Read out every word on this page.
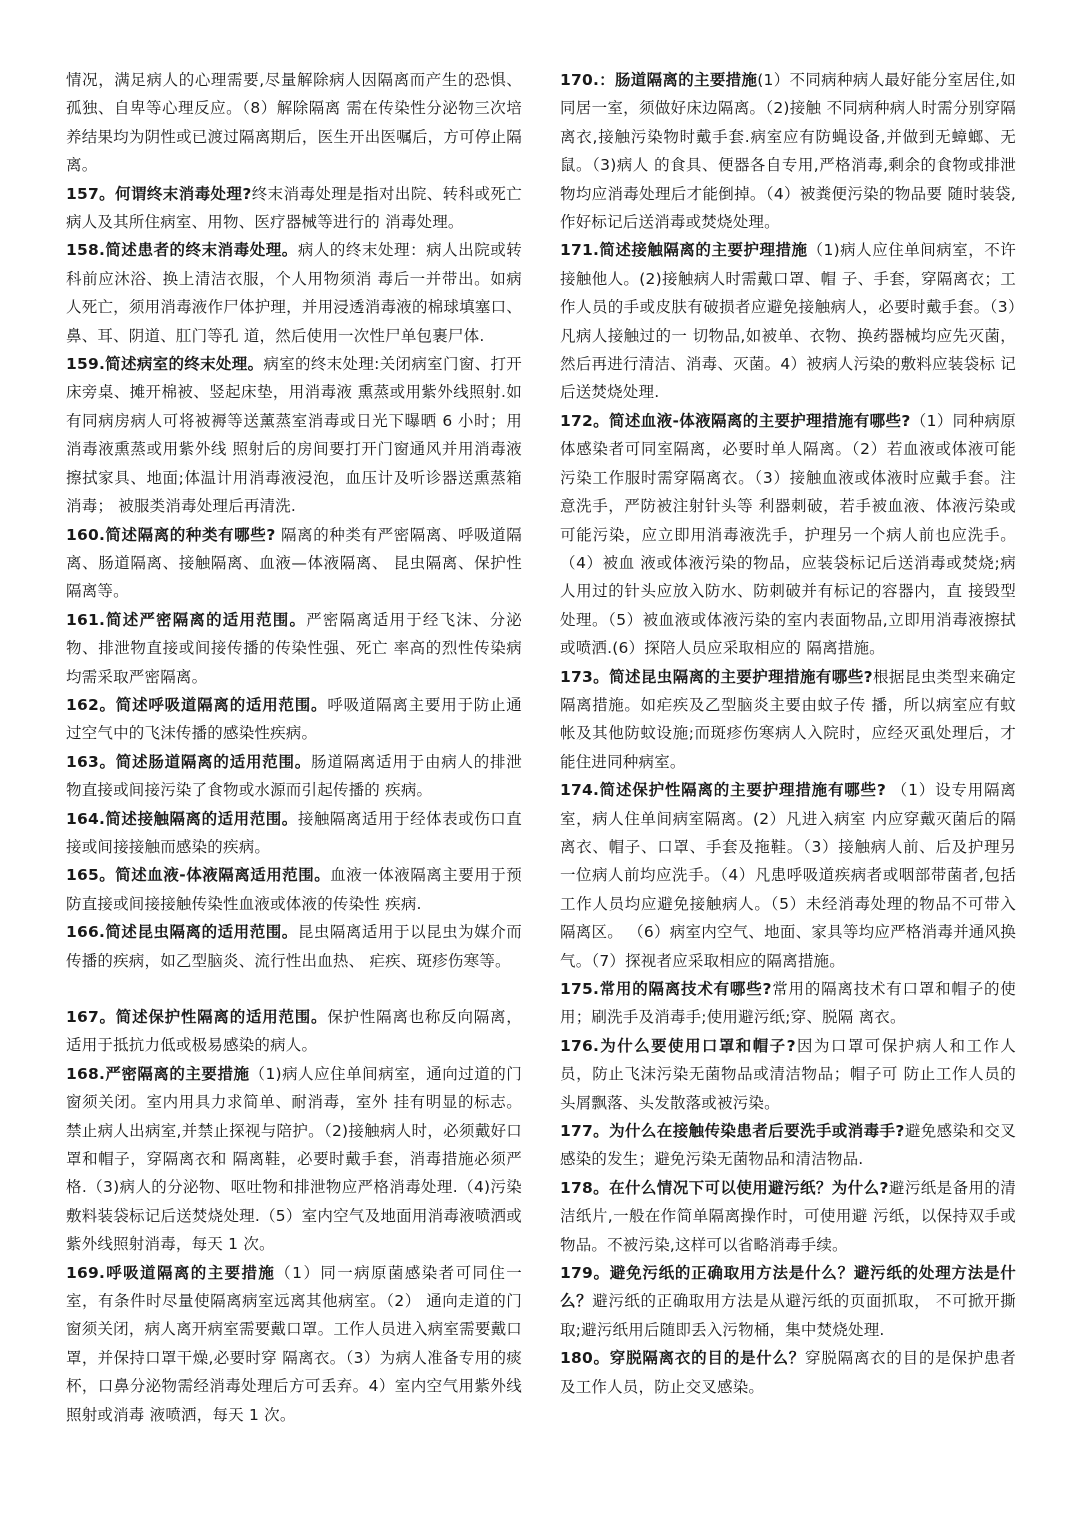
情况，满足病人的心理需要,尽量解除病人因隔离而产生的恐惧、孤独、自卑等心理反应。（8）解除隔离 需在传染性分泌物三次培养结果均为阴性或已渡过隔离期后，医生开出医嘱后，方可停止隔离。

157。何谓终末消毒处理?终末消毒处理是指对出院、转科或死亡病人及其所住病室、用物、医疗器械等进行的 消毒处理。

158.简述患者的终末消毒处理。病人的终末处理：病人出院或转科前应沐浴、换上清洁衣服，个人用物须消 毒后一并带出。如病人死亡，须用消毒液作尸体护理，并用浸透消毒液的棉球填塞口、鼻、耳、阴道、肛门等孔 道，然后使用一次性尸单包裹尸体.

159.简述病室的终末处理。病室的终末处理:关闭病室门窗、打开床旁桌、摊开棉被、竖起床垫，用消毒液 熏蒸或用紫外线照射.如有同病房病人可将被褥等送薰蒸室消毒或日光下曝晒 6 小时；用消毒液熏蒸或用紫外线 照射后的房间要打开门窗通风并用消毒液擦拭家具、地面;体温计用消毒液浸泡，血压计及听诊器送熏蒸箱消毒； 被服类消毒处理后再清洗.

160.简述隔离的种类有哪些? 隔离的种类有严密隔离、呼吸道隔离、肠道隔离、接触隔离、血液—体液隔离、 昆虫隔离、保护性隔离等。

161.简述严密隔离的适用范围。严密隔离适用于经飞沫、分泌物、排泄物直接或间接传播的传染性强、死亡 率高的烈性传染病均需采取严密隔离。

162。简述呼吸道隔离的适用范围。呼吸道隔离主要用于防止通过空气中的飞沫传播的感染性疾病。

163。简述肠道隔离的适用范围。肠道隔离适用于由病人的排泄物直接或间接污染了食物或水源而引起传播的 疾病。

164.简述接触隔离的适用范围。接触隔离适用于经体表或伤口直接或间接接触而感染的疾病。

165。简述血液-体液隔离适用范围。血液一体液隔离主要用于预防直接或间接接触传染性血液或体液的传染性 疾病.

166.简述昆虫隔离的适用范围。昆虫隔离适用于以昆虫为媒介而传播的疾病，如乙型脑炎、流行性出血热、 疟疾、斑疹伤寒等。

167。简述保护性隔离的适用范围。保护性隔离也称反向隔离，适用于抵抗力低或极易感染的病人。

168.严密隔离的主要措施（1)病人应住单间病室，通向过道的门窗须关闭。室内用具力求简单、耐消毒，室外 挂有明显的标志。禁止病人出病室,并禁止探视与陪护。（2)接触病人时，必须戴好口罩和帽子，穿隔离衣和 隔离鞋，必要时戴手套，消毒措施必须严格.（3)病人的分泌物、呕吐物和排泄物应严格消毒处理.（4)污染 敷料装袋标记后送焚烧处理.（5）室内空气及地面用消毒液喷洒或紫外线照射消毒，每天 1 次。

169.呼吸道隔离的主要措施（1）同一病原菌感染者可同住一室，有条件时尽量使隔离病室远离其他病室。（2） 通向走道的门窗须关闭，病人离开病室需要戴口罩。工作人员进入病室需要戴口罩，并保持口罩干燥,必要时穿 隔离衣。（3）为病人准备专用的痰杯，口鼻分泌物需经消毒处理后方可丢弃。4）室内空气用紫外线照射或消毒 液喷洒，每天 1 次。

170.：肠道隔离的主要措施(1）不同病种病人最好能分室居住,如同居一室，须做好床边隔离。（2)接触 不同病种病人时需分别穿隔离衣,接触污染物时戴手套.病室应有防蝇设备,并做到无蟑螂、无鼠。（3)病人 的食具、便器各自专用,严格消毒,剩余的食物或排泄物均应消毒处理后才能倒掉。（4）被粪便污染的物品要 随时装袋,作好标记后送消毒或焚烧处理。

171.简述接触隔离的主要护理措施（1)病人应住单间病室，不许接触他人。(2)接触病人时需戴口罩、帽 子、手套，穿隔离衣；工作人员的手或皮肤有破损者应避免接触病人，必要时戴手套。（3）凡病人接触过的一 切物品,如被单、衣物、换药器械均应先灭菌，然后再进行清洁、消毒、灭菌。4）被病人污染的敷料应装袋标 记后送焚烧处理.

172。简述血液-体液隔离的主要护理措施有哪些?（1）同种病原体感染者可同室隔离，必要时单人隔离。（2）若血液或体液可能污染工作服时需穿隔离衣。（3）接触血液或体液时应戴手套。注意洗手，严防被注射针头等 利器刺破，若手被血液、体液污染或可能污染，应立即用消毒液洗手，护理另一个病人前也应洗手。（4）被血 液或体液污染的物品，应装袋标记后送消毒或焚烧;病人用过的针头应放入防水、防刺破并有标记的容器内，直 接毁型处理。（5）被血液或体液污染的室内表面物品,立即用消毒液擦拭或喷洒.(6）探陪人员应采取相应的 隔离措施。

173。简述昆虫隔离的主要护理措施有哪些?根据昆虫类型来确定隔离措施。如疟疾及乙型脑炎主要由蚊子传 播，所以病室应有蚊帐及其他防蚊设施;而斑疹伤寒病人入院时，应经灭虱处理后，才能住进同种病室。

174.简述保护性隔离的主要护理措施有哪些? （1）设专用隔离室，病人住单间病室隔离。(2）凡进入病室 内应穿戴灭菌后的隔离衣、帽子、口罩、手套及拖鞋。（3）接触病人前、后及护理另一位病人前均应洗手。（4）凡患呼吸道疾病者或咽部带菌者,包括工作人员均应避免接触病人。（5）未经消毒处理的物品不可带入隔离区。 （6）病室内空气、地面、家具等均应严格消毒并通风换气。（7）探视者应采取相应的隔离措施。

175.常用的隔离技术有哪些?常用的隔离技术有口罩和帽子的使用；刷洗手及消毒手;使用避污纸;穿、脱隔 离衣。

176.为什么要使用口罩和帽子?因为口罩可保护病人和工作人员，防止飞沫污染无菌物品或清洁物品；帽子可 防止工作人员的头屑飘落、头发散落或被污染。

177。为什么在接触传染患者后要洗手或消毒手?避免感染和交叉感染的发生；避免污染无菌物品和清洁物品.

178。在什么情况下可以使用避污纸？为什么?避污纸是备用的清洁纸片,一般在作简单隔离操作时，可使用避 污纸，以保持双手或物品。不被污染,这样可以省略消毒手续。

179。避免污纸的正确取用方法是什么？避污纸的处理方法是什么？避污纸的正确取用方法是从避污纸的页面抓取， 不可掀开撕取;避污纸用后随即丢入污物桶，集中焚烧处理.

180。穿脱隔离衣的目的是什么？穿脱隔离衣的目的是保护患者及工作人员，防止交叉感染。
